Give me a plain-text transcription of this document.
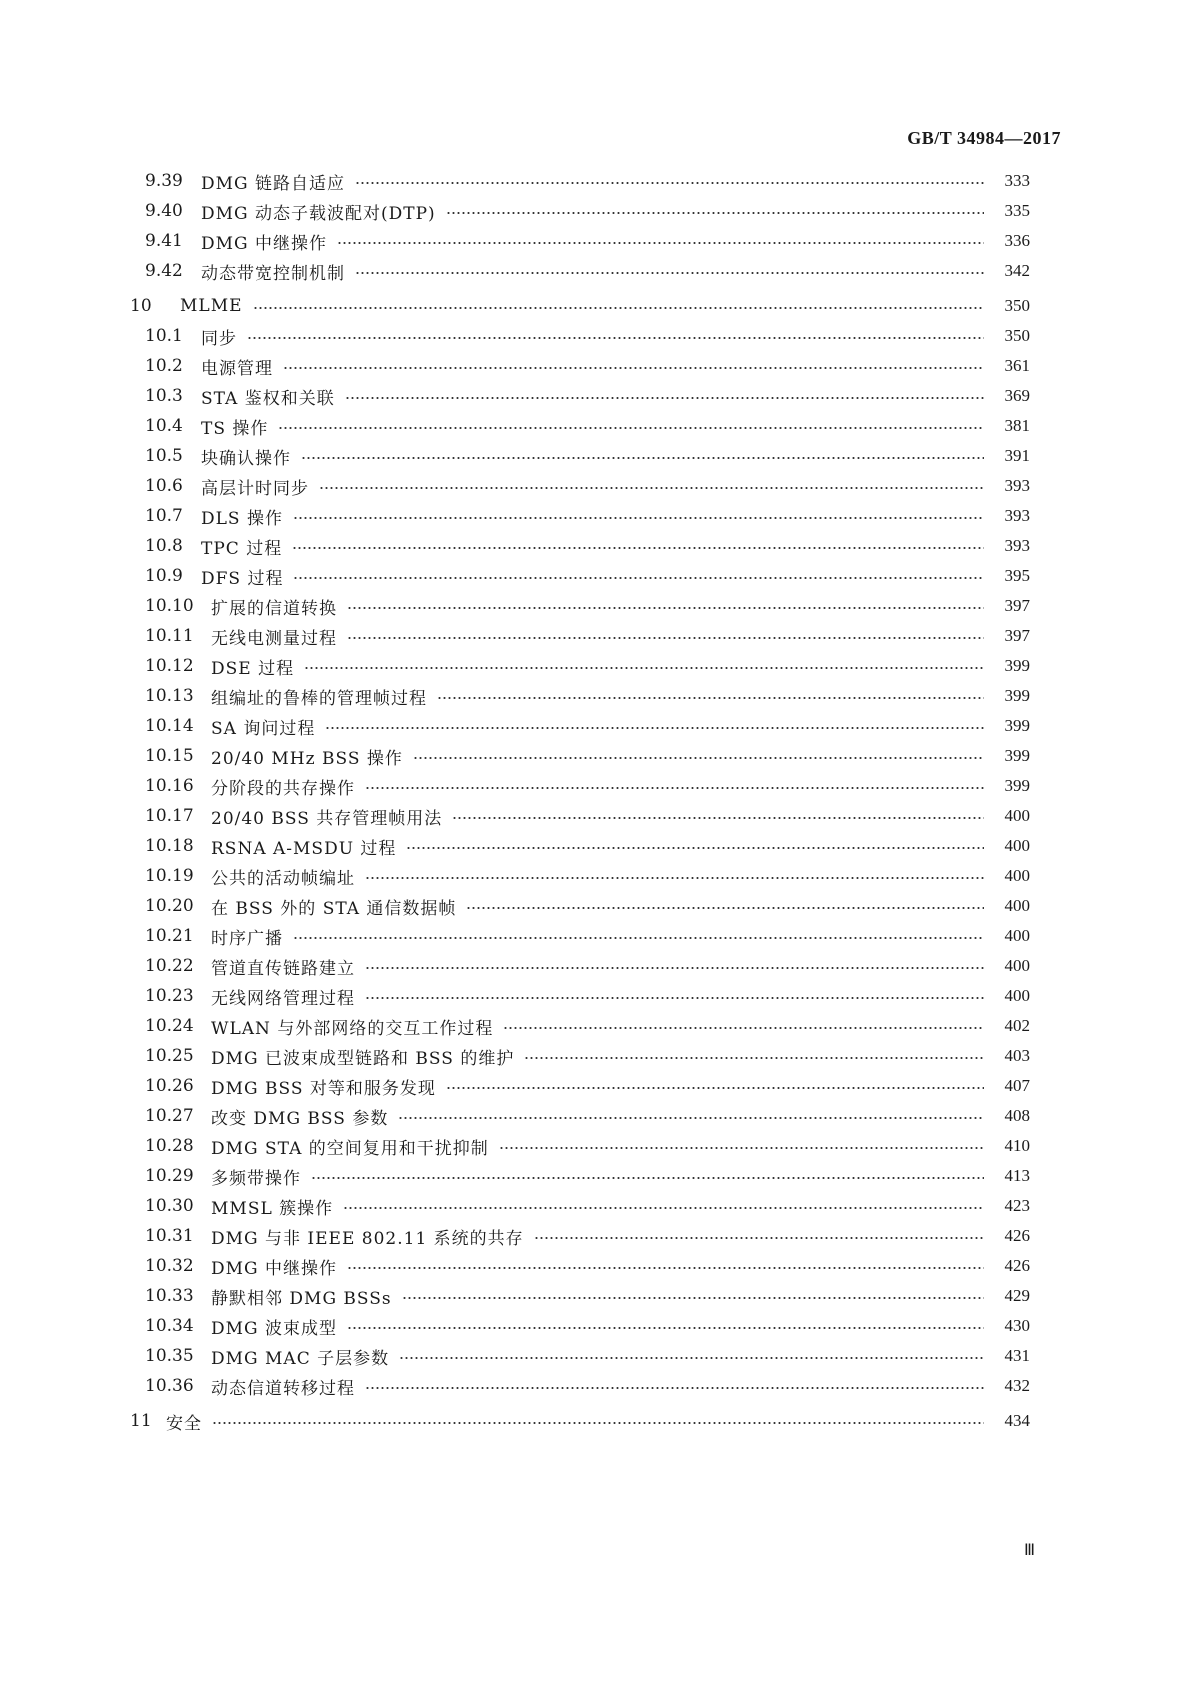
GB/T 34984—2017
9.39	DMG 链路自适应	333
9.40	DMG 动态子载波配对(DTP)	335
9.41	DMG 中继操作	336
9.42	动态带宽控制机制	342
10	MLME	350
10.1	同步	350
10.2	电源管理	361
10.3	STA 鉴权和关联	369
10.4	TS 操作	381
10.5	块确认操作	391
10.6	高层计时同步	393
10.7	DLS 操作	393
10.8	TPC 过程	393
10.9	DFS 过程	395
10.10	扩展的信道转换	397
10.11	无线电测量过程	397
10.12	DSE 过程	399
10.13	组编址的鲁棒的管理帧过程	399
10.14	SA 询问过程	399
10.15	20/40 MHz BSS 操作	399
10.16	分阶段的共存操作	399
10.17	20/40 BSS 共存管理帧用法	400
10.18	RSNA A-MSDU 过程	400
10.19	公共的活动帧编址	400
10.20	在 BSS 外的 STA 通信数据帧	400
10.21	时序广播	400
10.22	管道直传链路建立	400
10.23	无线网络管理过程	400
10.24	WLAN 与外部网络的交互工作过程	402
10.25	DMG 已波束成型链路和 BSS 的维护	403
10.26	DMG BSS 对等和服务发现	407
10.27	改变 DMG BSS 参数	408
10.28	DMG STA 的空间复用和干扰抑制	410
10.29	多频带操作	413
10.30	MMSL 簇操作	423
10.31	DMG 与非 IEEE 802.11 系统的共存	426
10.32	DMG 中继操作	426
10.33	静默相邻 DMG BSSs	429
10.34	DMG 波束成型	430
10.35	DMG MAC 子层参数	431
10.36	动态信道转移过程	432
11 安全	434
Ⅲ
